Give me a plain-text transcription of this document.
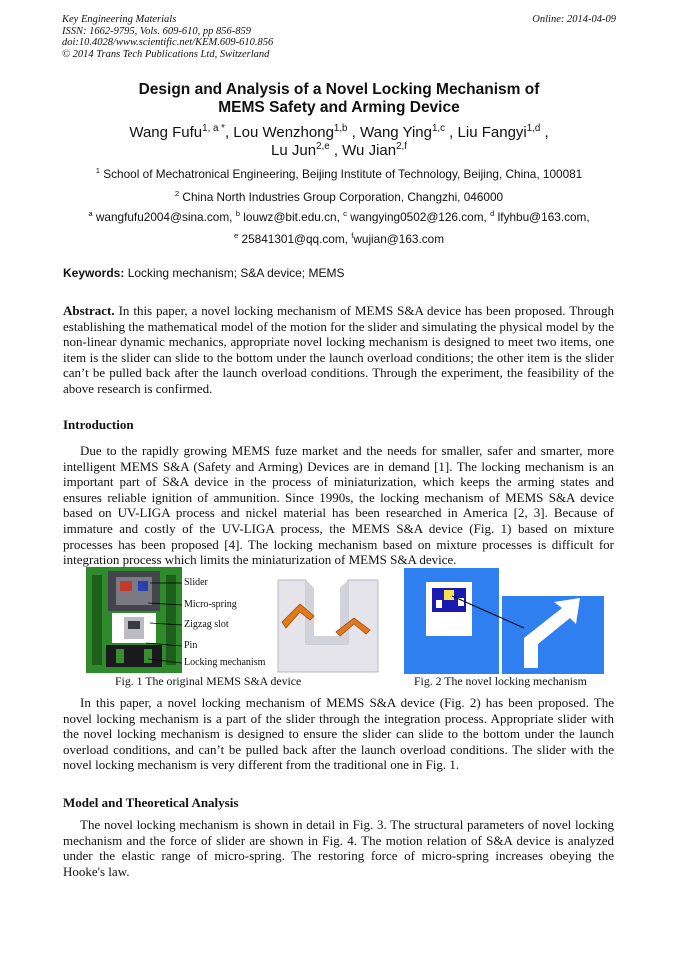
Key Engineering Materials
ISSN: 1662-9795, Vols. 609-610, pp 856-859
doi:10.4028/www.scientific.net/KEM.609-610.856
© 2014 Trans Tech Publications Ltd, Switzerland
Online: 2014-04-09
Design and Analysis of a Novel Locking Mechanism of
MEMS Safety and Arming Device
Wang Fufu$^{1, a *}$, Lou Wenzhong$^{1,b}$ , Wang Ying$^{1,c}$ , Liu Fangyi$^{1,d}$ ,
Lu Jun$^{2,e}$ , Wu Jian$^{2,f}$
$^1$ School of Mechatronical Engineering, Beijing Institute of Technology, Beijing, China, 100081
$^2$ China North Industries Group Corporation, Changzhi, 046000
$^a$ wangfufu2004@sina.com, $^b$ louwz@bit.edu.cn, $^c$ wangying0502@126.com, $^d$ lfyhbu@163.com,
$^e$ 25841301@qq.com, $^f$wujian@163.com
Keywords: Locking mechanism; S&A device; MEMS
Abstract. In this paper, a novel locking mechanism of MEMS S&A device has been proposed. Through establishing the mathematical model of the motion for the slider and simulating the physical model by the non-linear dynamic mechanics, appropriate novel locking mechanism is designed to meet two items, one item is the slider can slide to the bottom under the launch overload conditions; the other item is the slider can’t be pulled back after the launch overload conditions. Through the experiment, the feasibility of the above research is confirmed.
Introduction
Due to the rapidly growing MEMS fuze market and the needs for smaller, safer and smarter, more intelligent MEMS S&A (Safety and Arming) Devices are in demand [1]. The locking mechanism is an important part of S&A device in the process of miniaturization, which keeps the arming states and ensures reliable ignition of ammunition. Since 1990s, the locking mechanism of MEMS S&A device based on UV-LIGA process and nickel material has been researched in America [2, 3]. Because of immature and costly of the UV-LIGA process, the MEMS S&A device (Fig. 1) based on mixture processes has been proposed [4]. The locking mechanism based on mixture processes is difficult for integration process which limits the miniaturization of MEMS S&A device.
Slider
Micro-spring
Zigzag slot
Pin
Locking mechanism
Fig. 1 The original MEMS S&A device	Fig. 2 The novel locking mechanism
In this paper, a novel locking mechanism of MEMS S&A device (Fig. 2) has been proposed. The novel locking mechanism is a part of the slider through the integration process. Appropriate slider with the novel locking mechanism is designed to ensure the slider can slide to the bottom under the launch overload conditions, and can’t be pulled back after the launch overload conditions. The slider with the novel locking mechanism is very different from the traditional one in Fig. 1.
Model and Theoretical Analysis
The novel locking mechanism is shown in detail in Fig. 3. The structural parameters of novel locking mechanism and the force of slider are shown in Fig. 4. The motion relation of S&A device is analyzed under the elastic range of micro-spring. The restoring force of micro-spring increases obeying the Hooke's law.
